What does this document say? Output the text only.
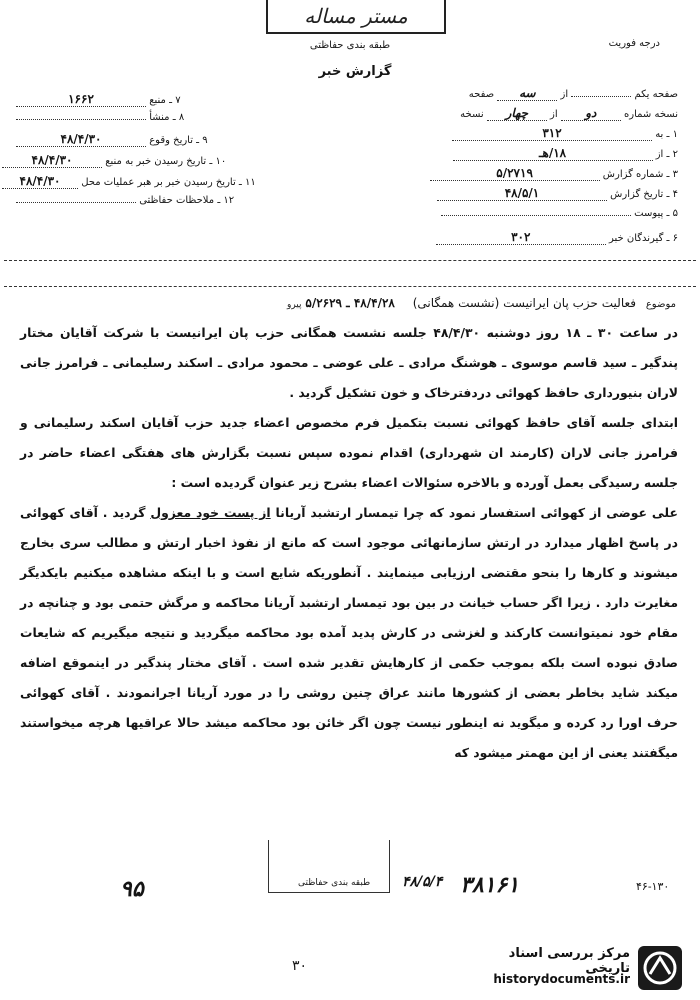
مستر مساله
طبقه بندی حفاظتی
گزارش خبر
درجه فوریت
۷ ـ منبع ۱۶۶۲
۸ ـ منشأ
۹ ـ تاریخ وقوع ۴۸/۴/۳۰
۱۰ ـ تاریخ رسیدن خبر به منبع ۴۸/۴/۳۰
۱۱ ـ تاریخ رسیدن خبر بر هبر عملیات محل ۴۸/۴/۳۰
۱۲ ـ ملاحظات حفاظتی
صفحه یکم  از سه صفحه
نسخه شماره دو از چهار نسخه
۱ ـ به ۳۱۲
۲ ـ از ۱۸/هـ
۳ ـ شماره گزارش ۵/۲۷۱۹
۴ ـ تاریخ گزارش ۴۸/۵/۱
۵ ـ پیوست
۶ ـ گیرندگان خبر ۳۰۲
موضوع فعالیت حزب پان ایرانیست (نشست همگانی) ۴۸/۴/۲۸ ـ ۵/۲۶۲۹ پیرو

در ساعت ۳۰ ـ ۱۸ روز دوشنبه ۴۸/۴/۳۰ جلسه نشست همگانی حزب پان ایرانیست با شرکت آقایان مختار پندگیر ـ سید قاسم موسوی ـ هوشنگ مرادی ـ علی عوضی ـ محمود مرادی ـ اسکند رسلیمانی ـ فرامرز جانی لاران بنیورداری حافظ کهوائی دردفترخاک و خون تشکیل گردید .

ابتدای جلسه آقای حافظ کهوائی نسبت بتکمیل فرم مخصوص اعضاء جدید حزب آقایان اسکند رسلیمانی و فرامرز جانی لاران (کارمند ان شهرداری) اقدام نموده سپس نسبت بگزارش های هفتگی اعضاء حاضر در جلسه رسیدگی بعمل آورده و بالاخره سئوالات اعضاء بشرح زیر عنوان گردیده است :

علی عوضی از کهوائی استفسار نمود که چرا تیمسار ارتشبد آریانا از پست خود معزول گردید . آقای کهوائی در پاسخ اظهار میدارد در ارتش سازمانهائی موجود است که مانع از نفوذ اخبار ارتش و مطالب سری بخارج میشوند و کارها را بنحو مقتضی ارزیابی مینمایند . آنطوریکه شایع است و با اینکه مشاهده میکنیم بایکدیگر مغایرت دارد . زیرا اگر حساب خیانت در بین بود تیمسار ارتشبد آریانا محاکمه و مرگش حتمی بود و چنانچه در مقام خود نمیتوانست کارکند و لغزشی در کارش پدید آمده بود محاکمه میگردید و نتیجه میگیریم که شایعات صادق نبوده است بلکه بموجب حکمی از کارهایش تقدیر شده است . آقای مختار پندگیر در اینموقع اضافه میکند شاید بخاطر بعضی از کشورها مانند عراق چنین روشی را در مورد آریانا اجرانمودند . آقای کهوائی حرف اورا رد کرده و میگوید نه اینطور نیست چون اگر خائن بود محاکمه میشد حالا عراقیها هرچه میخواستند میگفتند یعنی از این مهمتر میشود که

طبقه بندی حفاظتی
۹۵	۳۸۱۶۱
۴۸/۵/۴	۴۶-۱۳۰
۳۰
مرکز بررسی اسناد تاریخی
historydocuments.ir
